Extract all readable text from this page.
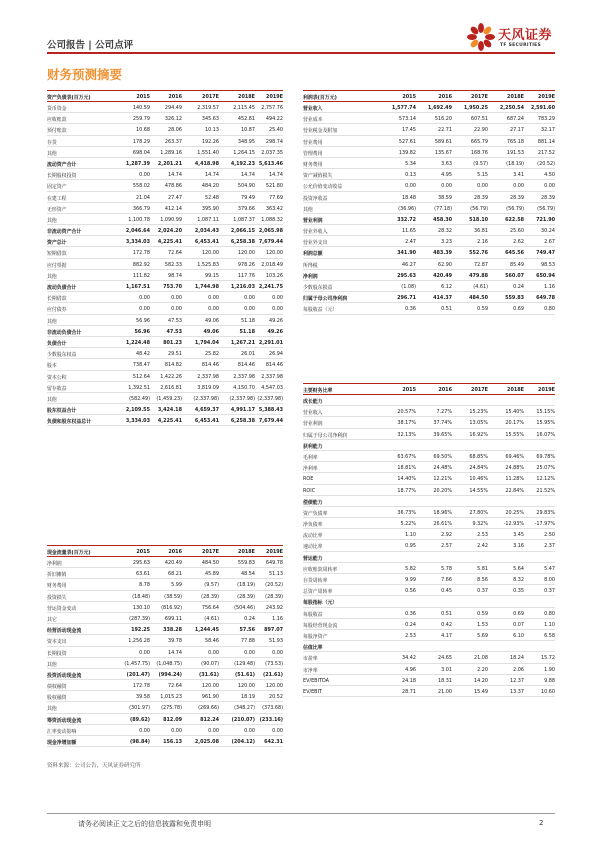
公司报告 | 公司点评
天风证券
TF SECURITIES
财务预测摘要
资产负债表(百万元)	2015	2016	2017E	2018E	2019E
货币资金	140.59	294.49	2,319.57	2,115.45	2,757.76
应收账款	259.79	326.12	345.63	452.81	494.22
预付账款	10.68	28.06	10.13	10.87	25.40
存货	178.29	263.37	192.26	348.95	298.74
其他	698.04	1,289.16	1,551.40	1,264.15	2,037.35
流动资产合计	1,287.39	2,201.21	4,418.98	4,192.23 5,613.46
长期股权投资	0.00	14.74	14.74	14.74	14.74
固定资产	558.02	478.86	484.20	504.90	521.80
在建工程	21.04	27.47	52.48	79.49	77.69
无形资产	366.79	412.14	395.90	379.66	363.42
其他	1,100.78	1,090.99	1,087.11	1,087.37	1,088.32
非流动资产合计	2,046.64	2,024.20	2,034.43	2,066.15 2,065.98
资产总计	3,334.03	4,225.41	6,453.41	6,258.38 7,679.44
短期借款	172.78	72.64	120.00	120.00	120.00
应付票据	882.92	582.33	1,525.83	978.26	2,018.49
其他	111.82	98.74	99.15	117.76	103.26
流动负债合计	1,167.51	753.70	1,744.98	1,216.03 2,241.75
长期借款	0.00	0.00	0.00	0.00	0.00
应付债券	0.00	0.00	0.00	0.00	0.00
其他	56.96	47.53	49.06	51.18	49.26
非流动负债合计	56.96	47.53	49.06	51.18	49.26
负债合计	1,224.48	801.23	1,794.04	1,267.21 2,291.01
少数股东权益	48.42	29.51	25.82	26.01	26.94
股本	738.47	814.82	814.46	814.46	814.46
资本公积	512.64	1,422.26	2,337.98	2,337.98	2,337.98
留存收益	1,392.51	2,616.81	3,819.09	4,150.70	4,547.03
其他	(582.49)	(1,459.23)	(2,337.98)	(2,337.98) (2,337.98)
股东权益合计	2,109.55	3,424.18	4,659.37	4,991.17 5,388.43
负债和股东权益总计	3,334.03	4,225.41	6,453.41	6,258.38 7,679.44
利润表(百万元)	2015	2016	2017E	2018E	2019E
营业收入	1,577.74	1,692.49	1,950.25	2,250.54	2,591.60
营业成本	573.14	516.20	607.51	687.24	783.29
营业税金及附加	17.45	22.71	22.90	27.17	32.17
营业费用	527.61	589.61	665.79	765.18	881.14
管理费用	139.82	135.67	168.76	191.53	217.52
财务费用	5.34	3.63	(9.57)	(18.19)	(20.52)
资产减值损失	0.13	4.95	5.15	3.41	4.50
公允价值变动收益	0.00	0.00	0.00	0.00	0.00
投资净收益	18.48	38.59	28.39	28.39	28.39
其他	(36.96)	(77.18)	(56.79)	(56.79)	(56.79)
营业利润	332.72	458.30	518.10	622.58	721.90
营业外收入	11.65	28.32	36.81	25.60	30.24
营业外支出	2.47	3.23	2.16	2.62	2.67
利润总额	341.90	483.39	552.76	645.56	749.47
所得税	46.27	62.90	72.87	85.49	98.53
净利润	295.63	420.49	479.88	560.07	650.94
少数股东损益	(1.08)	6.12	(4.61)	0.24	1.16
归属于母公司净利润	296.71	414.37	484.50	559.83	649.78
每股收益（元）	0.36	0.51	0.59	0.69	0.80
主要财务比率	2015	2016	2017E	2018E	2019E
成长能力
营业收入	20.57%	7.27%	15.23%	15.40%	15.15%
营业利润	38.17%	37.74%	13.05%	20.17%	15.95%
归属于母公司净利润	32.13%	39.65%	16.92%	15.55%	16.07%
获利能力
毛利率	63.67%	69.50%	68.85%	69.46%	69.78%
净利率	18.81%	24.48%	24.84%	24.88%	25.07%
ROE	14.40%	12.21%	10.46%	11.28%	12.12%
ROIC	18.77%	20.20%	14.55%	22.84%	21.52%
偿债能力
资产负债率	36.73%	18.96%	27.80%	20.25%	29.83%
净负债率	5.22%	26.61%	9.32%	-12.93%	-17.97%
流动比率	1.10	2.92	2.53	3.45	2.50
速动比率	0.95	2.57	2.42	3.16	2.37
营运能力
应收账款周转率	5.82	5.78	5.81	5.64	5.47
存货周转率	9.99	7.66	8.56	8.32	8.00
总资产周转率	0.56	0.45	0.37	0.35	0.37
每股指标（元）
每股收益	0.36	0.51	0.59	0.69	0.80
每股经营现金流	0.24	0.42	1.53	0.07	1.10
每股净资产	2.53	4.17	5.69	6.10	6.58
估值比率
市盈率	34.42	24.65	21.08	18.24	15.72
市净率	4.96	3.01	2.20	2.06	1.90
EV/EBITDA	24.18	18.31	14.20	12.37	9.88
EV/EBIT	28.71	21.00	15.49	13.37	10.60
现金流量表(百万元)	2015	2016	2017E	2018E	2019E
净利润	295.63	420.49	484.50	559.83	649.78
折旧摊销	63.61	68.21	45.89	48.54	51.13
财务费用	8.78	5.99	(9.57)	(18.19)	(20.52)
投资损失	(18.48)	(38.59)	(28.39)	(28.39)	(28.39)
营运资金变动	130.10	(816.92)	756.64	(504.46)	243.92
其它	(287.39)	699.11	(4.61)	0.24	1.16
经营活动现金流	192.25	338.28	1,244.45	57.56	897.07
资本支出	1,256.28	39.78	58.46	77.88	51.93
长期投资	0.00	14.74	0.00	0.00	0.00
其他	(1,457.75)	(1,048.75)	(90.07)	(129.48)	(73.53)
投资活动现金流	(201.47)	(994.24)	(31.61)	(51.61)	(21.61)
债权融资	172.78	72.64	120.00	120.00	120.00
股权融资	39.58	1,015.23	961.90	18.19	20.52
其他	(301.97)	(275.78)	(269.66)	(348.27)	(373.68)
筹资活动现金流	(89.62)	812.09	812.24	(210.07) (233.16)
汇率变动影响	0.00	0.00	0.00	0.00	0.00
现金净增加额	(98.84)	156.13	2,025.08	(204.12)	642.31
资料来源：公司公告，天风证券研究所
请务必阅读正文之后的信息披露和免责申明	2
